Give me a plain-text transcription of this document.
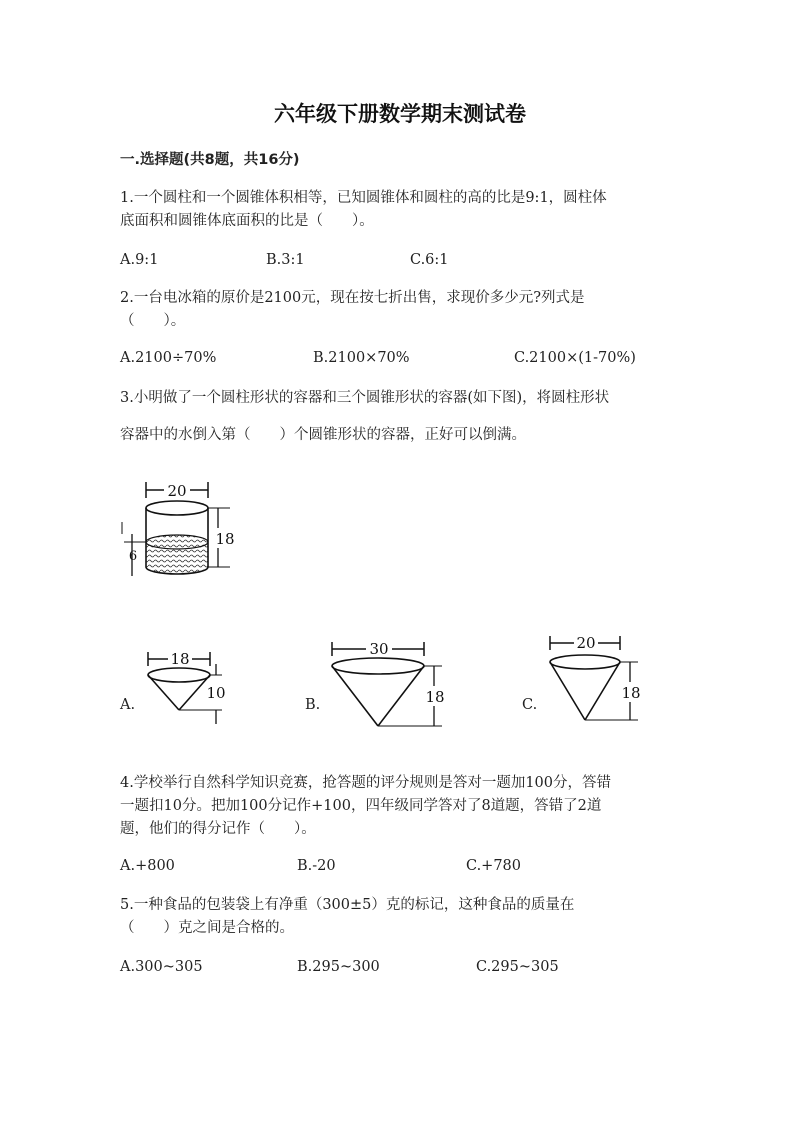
六年级下册数学期末测试卷
一.选择题(共8题，共16分)
1.一个圆柱和一个圆锥体积相等，已知圆锥体和圆柱的高的比是9:1，圆柱体
底面积和圆锥体底面积的比是（　　）。
A.9:1	B.3:1	C.6:1
2.一台电冰箱的原价是2100元，现在按七折出售，求现价多少元?列式是
（　　）。
A.2100÷70%	B.2100×70%	C.2100×(1-70%)
3.小明做了一个圆柱形状的容器和三个圆锥形状的容器(如下图)，将圆柱形状
容器中的水倒入第（　　）个圆锥形状的容器，正好可以倒满。
20
18
6
A.
18
10
B.
30
18	C.
20
18
4.学校举行自然科学知识竞赛，抢答题的评分规则是答对一题加100分，答错
一题扣10分。把加100分记作+100，四年级同学答对了8道题，答错了2道
题，他们的得分记作（　　）。
A.+800	B.-20	C.+780
5.一种食品的包装袋上有净重（300±5）克的标记，这种食品的质量在
（　　）克之间是合格的。
A.300~305	B.295~300	C.295~305
